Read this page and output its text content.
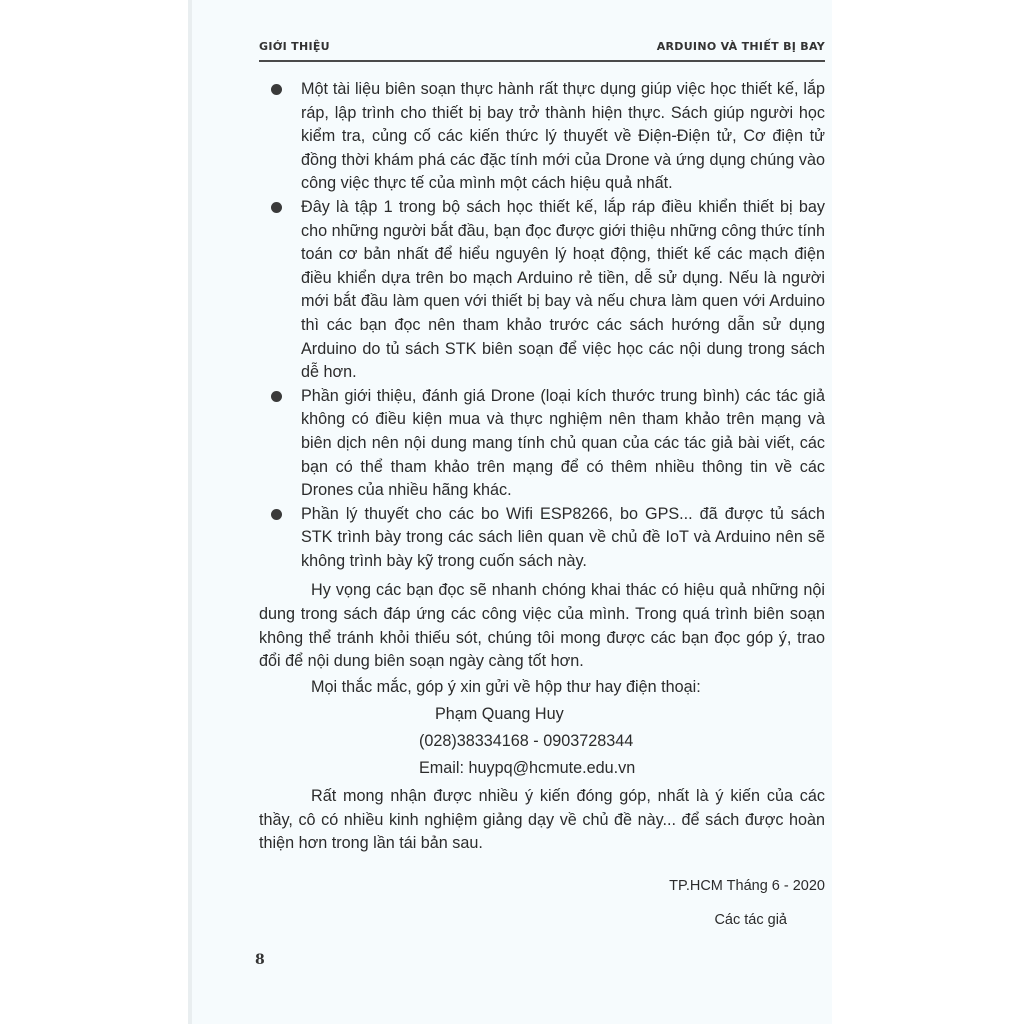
GIỚI THIỆU	ARDUINO VÀ THIẾT BỊ BAY
Một tài liệu biên soạn thực hành rất thực dụng giúp việc học thiết kế, lắp ráp, lập trình cho thiết bị bay trở thành hiện thực. Sách giúp người học kiểm tra, củng cố các kiến thức lý thuyết về Điện-Điện tử, Cơ điện tử đồng thời khám phá các đặc tính mới của Drone và ứng dụng chúng vào công việc thực tế của mình một cách hiệu quả nhất.
Đây là tập 1 trong bộ sách học thiết kế, lắp ráp điều khiển thiết bị bay cho những người bắt đầu, bạn đọc được giới thiệu những công thức tính toán cơ bản nhất để hiểu nguyên lý hoạt động, thiết kế các mạch điện điều khiển dựa trên bo mạch Arduino rẻ tiền, dễ sử dụng. Nếu là người mới bắt đầu làm quen với thiết bị bay và nếu chưa làm quen với Arduino thì các bạn đọc nên tham khảo trước các sách hướng dẫn sử dụng Arduino do tủ sách STK biên soạn để việc học các nội dung trong sách dễ hơn.
Phần giới thiệu, đánh giá Drone (loại kích thước trung bình) các tác giả không có điều kiện mua và thực nghiệm nên tham khảo trên mạng và biên dịch nên nội dung mang tính chủ quan của các tác giả bài viết, các bạn có thể tham khảo trên mạng để có thêm nhiều thông tin về các Drones của nhiều hãng khác.
Phần lý thuyết cho các bo Wifi ESP8266, bo GPS... đã được tủ sách STK trình bày trong các sách liên quan về chủ đề IoT và Arduino nên sẽ không trình bày kỹ trong cuốn sách này.

Hy vọng các bạn đọc sẽ nhanh chóng khai thác có hiệu quả những nội dung trong sách đáp ứng các công việc của mình. Trong quá trình biên soạn không thể tránh khỏi thiếu sót, chúng tôi mong được các bạn đọc góp ý, trao đổi để nội dung biên soạn ngày càng tốt hơn.

Mọi thắc mắc, góp ý xin gửi về hộp thư hay điện thoại:

Phạm Quang Huy

(028)38334168 - 0903728344

Email: huypq@hcmute.edu.vn

Rất mong nhận được nhiều ý kiến đóng góp, nhất là ý kiến của các thầy, cô có nhiều kinh nghiệm giảng dạy về chủ đề này... để sách được hoàn thiện hơn trong lần tái bản sau.

TP.HCM Tháng 6 - 2020
Các tác giả
8
